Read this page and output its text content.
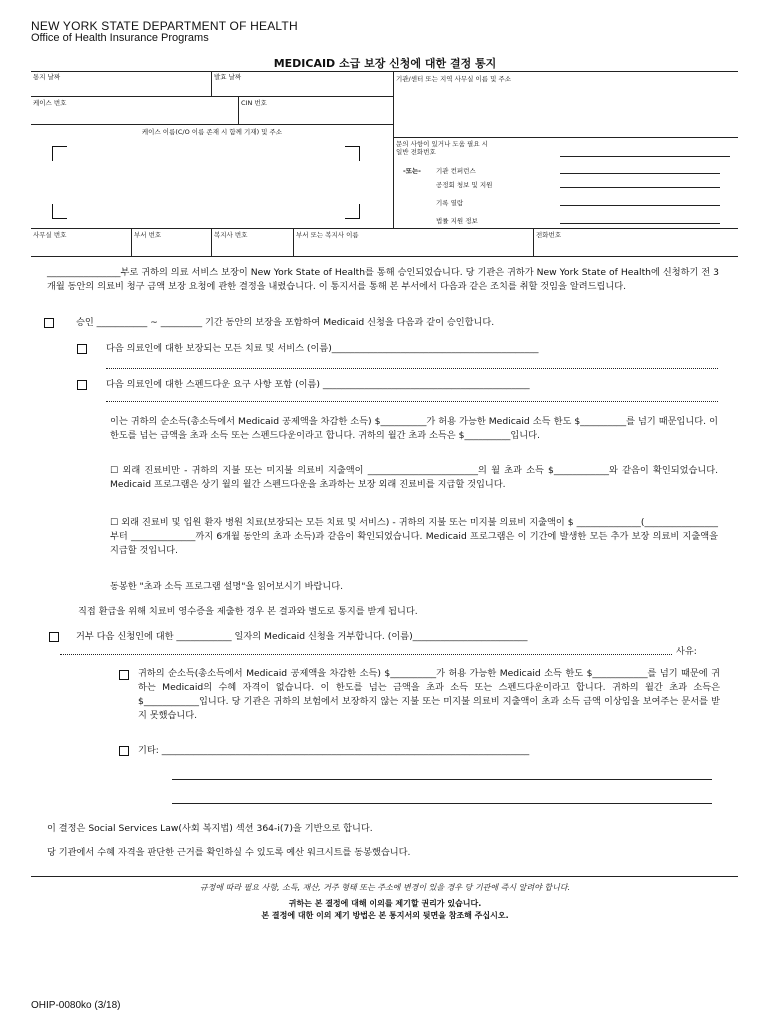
NEW YORK STATE DEPARTMENT OF HEALTH
Office of Health Insurance Programs
MEDICAID 소급 보장 신청에 대한 결정 통지
통지 날짜	발효 날짜	기관/센터 또는 지역 사무실 이름 및 주소
케이스 번호	CIN 번호
케이스 이름(C/O 이름 존재 시 함께 기재) 및 주소
문의 사항이 있거나 도움 필요 시
일반 전화번호
-또는- 기관 컨퍼런스
공정회 청보 및 지원
기록 열람
법률 지원 정보
사무실 번호	부서 번호	복지사 번호	부서 또는 복지사 이름	전화번호
________________부로 귀하의 의료 서비스 보장이 New York State of Health를 통해 승인되었습니다. 당 기관은 귀하가 New York State of Health에 신청하기 전 3개월 동안의 의료비 청구 금액 보장 요청에 관한 결정을 내렸습니다. 이 통지서를 통해 본 부서에서 다음과 같은 조치를 취할 것임을 알려드립니다.
승인 ___________ ~ _________ 기간 동안의 보장을 포함하여 Medicaid 신청을 다음과 같이 승인합니다.
다음 의료인에 대한 보장되는 모든 치료 및 서비스 (이름)_____________________________________________
다음 의료인에 대한 스펜드다운 요구 사항 포함 (이름) _____________________________________________
이는 귀하의 순소득(총소득에서 Medicaid 공제액을 차감한 소득) $__________가 허용 가능한 Medicaid 소득 한도 $__________를 넘기 때문입니다. 이 한도를 넘는 금액을 초과 소득 또는 스펜드다운이라고 합니다. 귀하의 월간 초과 소득은 $__________입니다.
☐ 외래 진료비만 - 귀하의 지불 또는 미지불 의료비 지출액이 ________________________의 월 초과 소득 $____________와 같음이 확인되었습니다. Medicaid 프로그램은 상기 월의 월간 스펜드다운을 초과하는 보장 외래 진료비를 지급할 것입니다.
☐ 외래 진료비 및 입원 환자 병원 치료(보장되는 모든 치료 및 서비스) - 귀하의 지불 또는 미지불 의료비 지출액이 $ ______________(________________부터 ______________까지 6개월 동안의 초과 소득)과 같음이 확인되었습니다. Medicaid 프로그램은 이 기간에 발생한 모든 추가 보장 의료비 지출액을 지급할 것입니다.
동봉한 "초과 소득 프로그램 설명"을 읽어보시기 바랍니다.
직접 환급을 위해 치료비 영수증을 제출한 경우 본 결과와 별도로 통지를 받게 됩니다.
거부 다음 신청인에 대한 ____________ 일자의 Medicaid 신청을 거부합니다. (이름)_________________________
사유:
귀하의 순소득(총소득에서 Medicaid 공제액을 차감한 소득) $__________가 허용 가능한 Medicaid 소득 한도 $____________를 넘기 때문에 귀하는 Medicaid의 수혜 자격이 없습니다. 이 한도를 넘는 금액을 초과 소득 또는 스펜드다운이라고 합니다. 귀하의 월간 초과 소득은 $____________입니다. 당 기관은 귀하의 보험에서 보장하지 않는 지불 또는 미지불 의료비 지출액이 초과 소득 금액 이상임을 보여주는 문서를 받지 못했습니다.
기타: ________________________________________________________________________________
이 결정은 Social Services Law(사회 복지법) 섹션 364-i(7)을 기반으로 합니다.
당 기관에서 수혜 자격을 판단한 근거를 확인하실 수 있도록 예산 워크시트를 동봉했습니다.
규정에 따라 필요 사항, 소득, 재산, 거주 형태 또는 주소에 변경이 있을 경우 당 기관에 즉시 알려야 합니다.
귀하는 본 결정에 대해 이의를 제기할 권리가 있습니다.
본 결정에 대한 이의 제기 방법은 본 통지서의 뒷면을 참조해 주십시오.
OHIP-0080ko (3/18)
